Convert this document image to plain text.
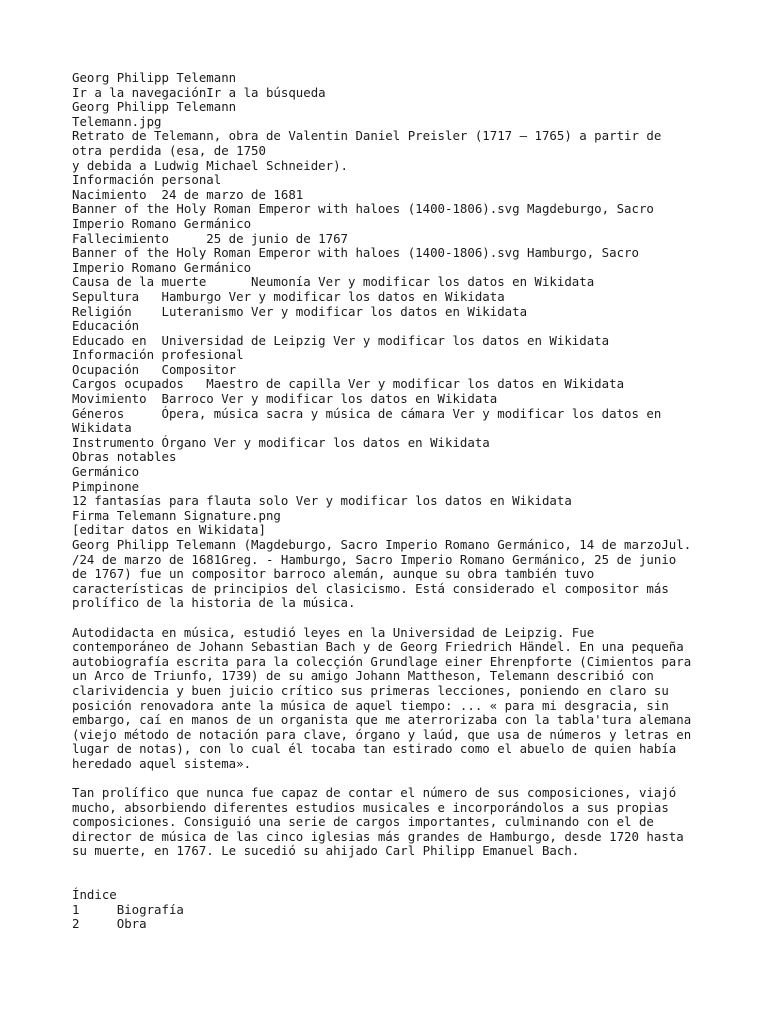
Georg Philipp Telemann
Ir a la navegaciónIr a la búsqueda
Georg Philipp Telemann
Telemann.jpg
Retrato de Telemann, obra de Valentin Daniel Preisler (1717 – 1765) a partir de
otra perdida (esa, de 1750
y debida a Ludwig Michael Schneider).
Información personal
Nacimiento  24 de marzo de 1681
Banner of the Holy Roman Emperor with haloes (1400-1806).svg Magdeburgo, Sacro
Imperio Romano Germánico
Fallecimiento     25 de junio de 1767
Banner of the Holy Roman Emperor with haloes (1400-1806).svg Hamburgo, Sacro
Imperio Romano Germánico
Causa de la muerte      Neumonía Ver y modificar los datos en Wikidata
Sepultura   Hamburgo Ver y modificar los datos en Wikidata
Religión    Luteranismo Ver y modificar los datos en Wikidata
Educación
Educado en  Universidad de Leipzig Ver y modificar los datos en Wikidata
Información profesional
Ocupación   Compositor
Cargos ocupados   Maestro de capilla Ver y modificar los datos en Wikidata
Movimiento  Barroco Ver y modificar los datos en Wikidata
Géneros     Ópera, música sacra y música de cámara Ver y modificar los datos en
Wikidata
Instrumento Órgano Ver y modificar los datos en Wikidata
Obras notables
Germánico
Pimpinone
12 fantasías para flauta solo Ver y modificar los datos en Wikidata
Firma Telemann Signature.png
[editar datos en Wikidata]
Georg Philipp Telemann (Magdeburgo, Sacro Imperio Romano Germánico, 14 de marzoJul.
/24 de marzo de 1681Greg. - Hamburgo, Sacro Imperio Romano Germánico, 25 de junio
de 1767) fue un compositor barroco alemán, aunque su obra también tuvo
características de principios del clasicismo. Está considerado el compositor más
prolífico de la historia de la música.
Autodidacta en música, estudió leyes en la Universidad de Leipzig. Fue
contemporáneo de Johann Sebastian Bach y de Georg Friedrich Händel. En una pequeña
autobiografía escrita para la colecçión Grundlage einer Ehrenpforte (Cimientos para
un Arco de Triunfo, 1739) de su amigo Johann Mattheson, Telemann describió con
clarividencia y buen juicio crítico sus primeras lecciones, poniendo en claro su
posición renovadora ante la música de aquel tiempo: ... « para mi desgracia, sin
embargo, caí en manos de un organista que me aterrorizaba con la tabla'tura alemana
(viejo método de notación para clave, órgano y laúd, que usa de números y letras en
lugar de notas), con lo cual él tocaba tan estirado como el abuelo de quien había
heredado aquel sistema».
Tan prolífico que nunca fue capaz de contar el número de sus composiciones, viajó
mucho, absorbiendo diferentes estudios musicales e incorporándolos a sus propias
composiciones. Consiguió una serie de cargos importantes, culminando con el de
director de música de las cinco iglesias más grandes de Hamburgo, desde 1720 hasta
su muerte, en 1767. Le sucedió su ahijado Carl Philipp Emanuel Bach.
Índice
1     Biografía
2     Obra
